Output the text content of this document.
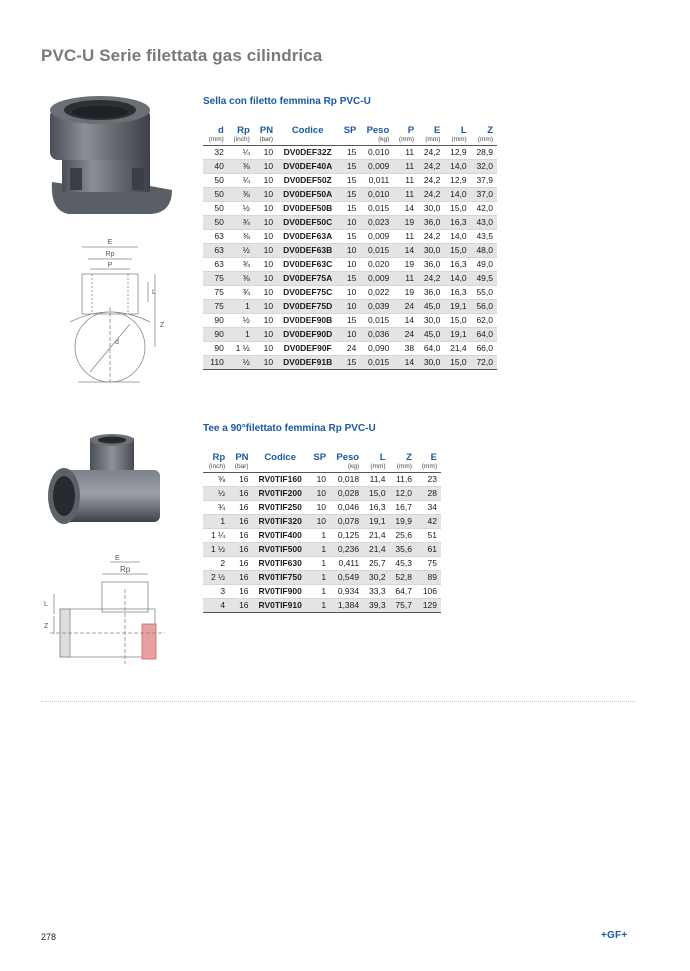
PVC-U Serie filettata gas cilindrica
E
Rp
P
L
Z
d
Sella con filetto femmina Rp PVC-U
d	Rp	PN	Codice	SP	Peso	P	E	L	Z
(mm)	(inch)	(bar)			(kg)	(mm)	(mm)	(mm)	(mm)
32	¼	10	DV0DEF32Z	15	0,010	11	24,2	12,9	28,9
40	⅜	10	DV0DEF40A	15	0,009	11	24,2	14,0	32,0
50	¼	10	DV0DEF50Z	15	0,011	11	24,2	12,9	37,9
50	⅜	10	DV0DEF50A	15	0,010	11	24,2	14,0	37,0
50	½	10	DV0DEF50B	15	0,015	14	30,0	15,0	42,0
50	¾	10	DV0DEF50C	10	0,023	19	36,0	16,3	43,0
63	⅜	10	DV0DEF63A	15	0,009	11	24,2	14,0	43,5
63	½	10	DV0DEF63B	10	0,015	14	30,0	15,0	48,0
63	¾	10	DV0DEF63C	10	0,020	19	36,0	16,3	49,0
75	⅜	10	DV0DEF75A	15	0,009	11	24,2	14,0	49,5
75	¾	10	DV0DEF75C	10	0,022	19	36,0	16,3	55,0
75	1	10	DV0DEF75D	10	0,039	24	45,0	19,1	56,0
90	½	10	DV0DEF90B	15	0,015	14	30,0	15,0	62,0
90	1	10	DV0DEF90D	10	0,036	24	45,0	19,1	64,0
90	1 ½	10	DV0DEF90F	24	0,090	38	64,0	21,4	66,0
110	½	10	DV0DEF91B	15	0,015	14	30,0	15,0	72,0
E
Rp
L
Z
Tee a 90°filettato femmina Rp PVC-U
Rp	PN	Codice	SP	Peso	L	Z	E
(inch)	(bar)			(kg)	(mm)	(mm)	(mm)
⅜	16	RV0TIF160	10	0,018	11,4	11,6	23
½	16	RV0TIF200	10	0,028	15,0	12,0	28
¾	16	RV0TIF250	10	0,046	16,3	16,7	34
1	16	RV0TIF320	10	0,078	19,1	19,9	42
1 ¼	16	RV0TIF400	1	0,125	21,4	25,6	51
1 ½	16	RV0TIF500	1	0,236	21,4	35,6	61
2	16	RV0TIF630	1	0,411	25,7	45,3	75
2 ½	16	RV0TIF750	1	0,549	30,2	52,8	89
3	16	RV0TIF900	1	0,934	33,3	64,7	106
4	16	RV0TIF910	1	1,384	39,3	75,7	129
278	+GF+
